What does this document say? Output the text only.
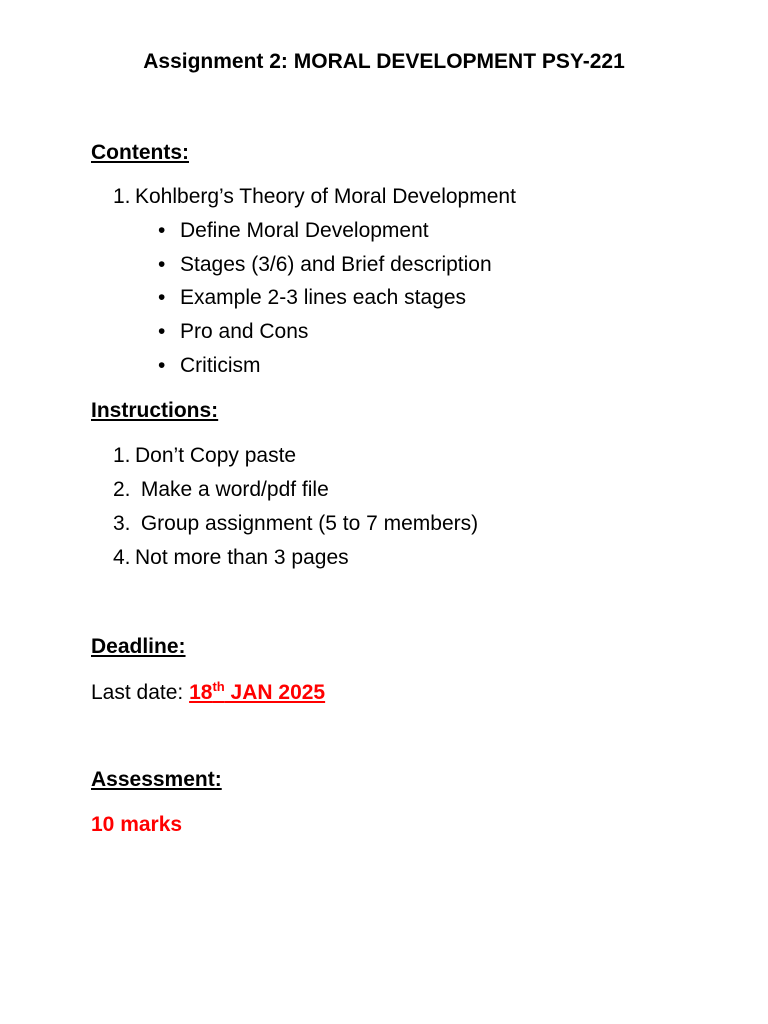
Assignment 2: MORAL DEVELOPMENT PSY-221
Contents:
1. Kohlberg’s Theory of Moral Development
• Define Moral Development
• Stages (3/6) and Brief description
• Example 2-3 lines each stages
• Pro and Cons
• Criticism
Instructions:
1. Don’t Copy paste
2. Make a word/pdf file
3. Group assignment (5 to 7 members)
4. Not more than 3 pages
Deadline:
Last date: 18th JAN 2025
Assessment:
10 marks
